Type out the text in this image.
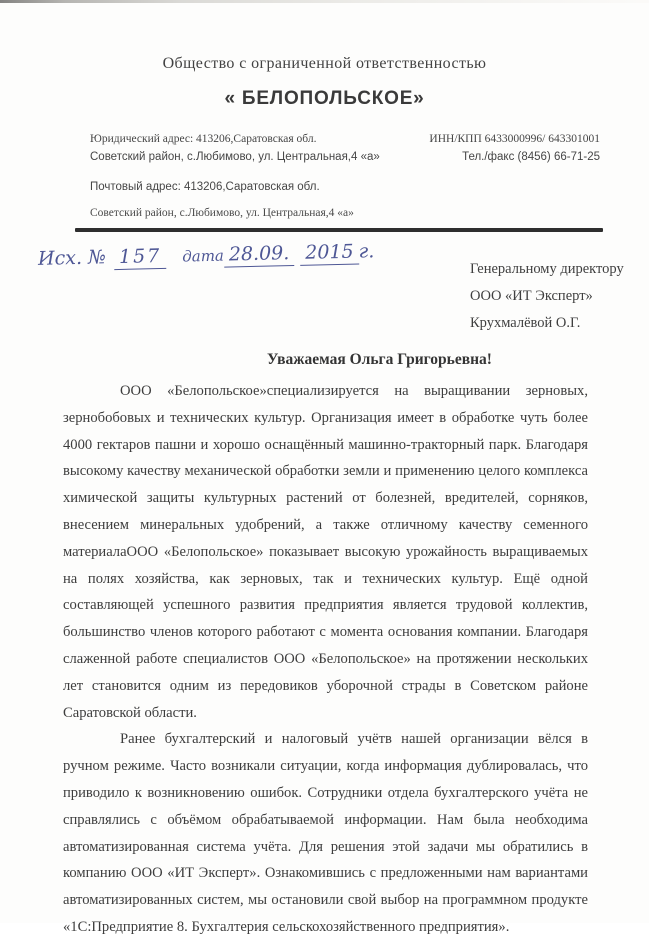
Общество с ограниченной ответственностью
« БЕЛОПОЛЬСКОЕ»
Юридический адрес: 413206,Саратовская обл.
Советский район, с.Любимово, ул. Центральная,4 «а»
ИНН/КПП 6433000996/ 643301001
Тел./факс (8456) 66-71-25
Почтовый адрес: 413206,Саратовская обл.
Советский район, с.Любимово, ул. Центральная,4 «а»
Исх. № 157 дата 28.09. 2015 г.
Генеральному директору
ООО «ИТ Эксперт»
Крухмалёвой О.Г.
Уважаемая Ольга Григорьевна!

ООО «Белопольское»специализируется на выращивании зерновых, зернобобовых и технических культур. Организация имеет в обработке чуть более 4000 гектаров пашни и хорошо оснащённый машинно-тракторный парк. Благодаря высокому качеству механической обработки земли и применению целого комплекса химической защиты культурных растений от болезней, вредителей, сорняков, внесением минеральных удобрений, а также отличному качеству семенного материалаООО «Белопольское» показывает высокую урожайность выращиваемых на полях хозяйства, как зерновых, так и технических культур. Ещё одной составляющей успешного развития предприятия является трудовой коллектив, большинство членов которого работают с момента основания компании. Благодаря слаженной работе специалистов ООО «Белопольское» на протяжении нескольких лет становится одним из передовиков уборочной страды в Советском районе Саратовской области.

Ранее бухгалтерский и налоговый учётв нашей организации вёлся в ручном режиме. Часто возникали ситуации, когда информация дублировалась, что приводило к возникновению ошибок. Сотрудники отдела бухгалтерского учёта не справлялись с объёмом обрабатываемой информации. Нам была необходима автоматизированная система учёта. Для решения этой задачи мы обратились в компанию ООО «ИТ Эксперт». Ознакомившись с предложенными нам вариантами автоматизированных систем, мы остановили свой выбор на программном продукте «1С:Предприятие 8. Бухгалтерия сельскохозяйственного предприятия».
